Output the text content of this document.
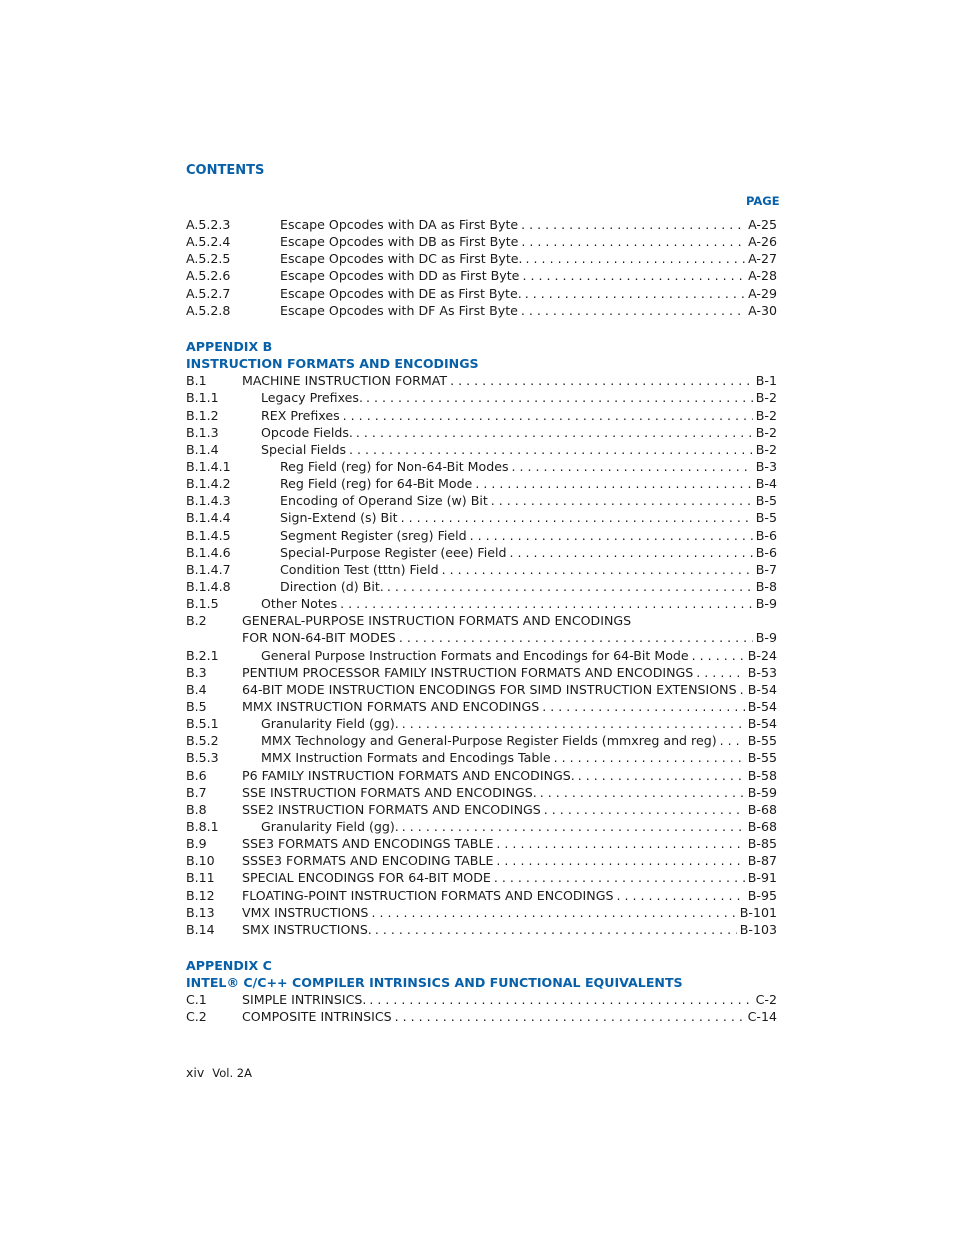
CONTENTS
PAGE
A.5.2.3	Escape Opcodes with DA as First Byte . . .	A-25
A.5.2.4	Escape Opcodes with DB as First Byte . . .	A-26
A.5.2.5	Escape Opcodes with DC as First Byte. . . .	A-27
A.5.2.6	Escape Opcodes with DD as First Byte . . .	A-28
A.5.2.7	Escape Opcodes with DE as First Byte. . . .	A-29
A.5.2.8	Escape Opcodes with DF As First Byte . . .	A-30
APPENDIX B
INSTRUCTION FORMATS AND ENCODINGS
B.1	MACHINE INSTRUCTION FORMAT . . .	B-1
B.1.1	Legacy Prefixes. . . .	B-2
B.1.2	REX Prefixes . . .	B-2
B.1.3	Opcode Fields. . . .	B-2
B.1.4	Special Fields . . .	B-2
B.1.4.1	Reg Field (reg) for Non-64-Bit Modes . . .	B-3
B.1.4.2	Reg Field (reg) for 64-Bit Mode . . .	B-4
B.1.4.3	Encoding of Operand Size (w) Bit . . .	B-5
B.1.4.4	Sign-Extend (s) Bit . . .	B-5
B.1.4.5	Segment Register (sreg) Field . . .	B-6
B.1.4.6	Special-Purpose Register (eee) Field . . .	B-6
B.1.4.7	Condition Test (tttn) Field . . .	B-7
B.1.4.8	Direction (d) Bit. . . .	B-8
B.1.5	Other Notes . . .	B-9
B.2	GENERAL-PURPOSE INSTRUCTION FORMATS AND ENCODINGS
FOR NON-64-BIT MODES . . .	B-9
B.2.1	General Purpose Instruction Formats and Encodings for 64-Bit Mode . . .	B-24
B.3	PENTIUM PROCESSOR FAMILY INSTRUCTION FORMATS AND ENCODINGS . . .	B-53
B.4	64-BIT MODE INSTRUCTION ENCODINGS FOR SIMD INSTRUCTION EXTENSIONS . . . B-54
B.5	MMX INSTRUCTION FORMATS AND ENCODINGS . . .	B-54
B.5.1	Granularity Field (gg). . . .	B-54
B.5.2	MMX Technology and General-Purpose Register Fields (mmxreg and reg) . . . B-55
B.5.3	MMX Instruction Formats and Encodings Table . . .	B-55
B.6	P6 FAMILY INSTRUCTION FORMATS AND ENCODINGS. . . .	B-58
B.7	SSE INSTRUCTION FORMATS AND ENCODINGS. . . .	B-59
B.8	SSE2 INSTRUCTION FORMATS AND ENCODINGS . . .	B-68
B.8.1	Granularity Field (gg). . . .	B-68
B.9	SSE3 FORMATS AND ENCODINGS TABLE . . .	B-85
B.10 SSSE3 FORMATS AND ENCODING TABLE . . .	B-87
B.11 SPECIAL ENCODINGS FOR 64-BIT MODE . . .	B-91
B.12 FLOATING-POINT INSTRUCTION FORMATS AND ENCODINGS . . .	B-95
B.13 VMX INSTRUCTIONS . . .	B-101
B.14 SMX INSTRUCTIONS. . . .	B-103
APPENDIX C
INTEL® C/C++ COMPILER INTRINSICS AND FUNCTIONAL EQUIVALENTS
C.1	SIMPLE INTRINSICS. . . .	C-2
C.2	COMPOSITE INTRINSICS . . .	C-14
xiv Vol. 2A
